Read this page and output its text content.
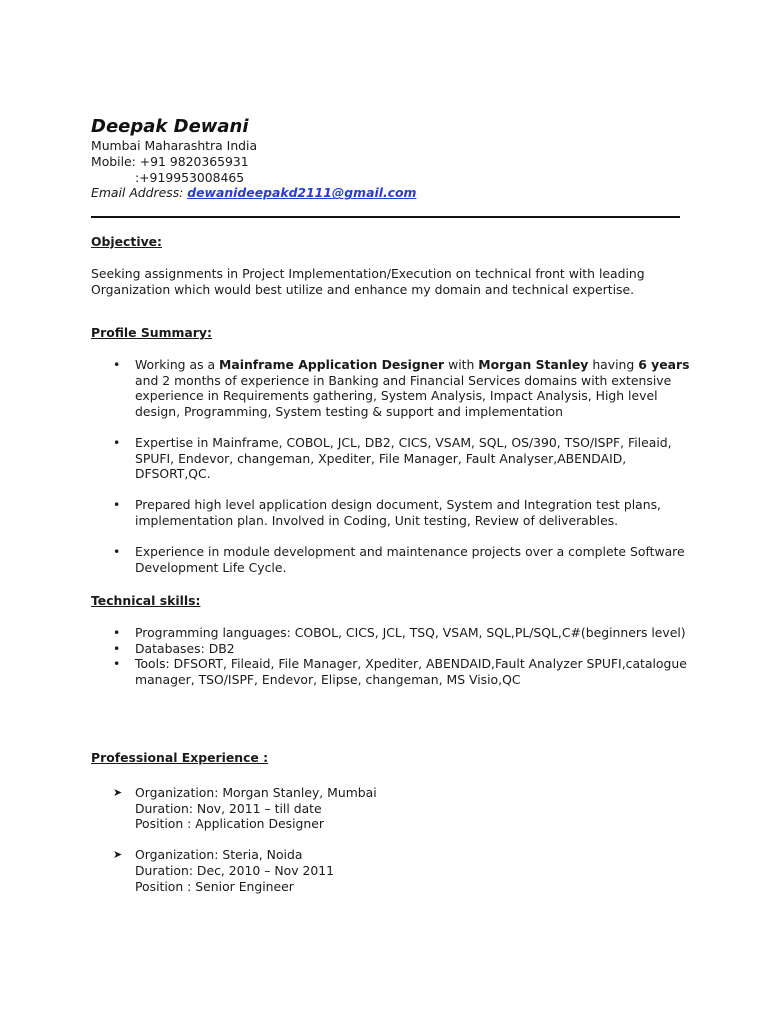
Deepak Dewani
Mumbai Maharashtra India
Mobile: +91 9820365931
:+919953008465
Email Address: dewanideepakd2111@gmail.com
Objective:
Seeking assignments in Project Implementation/Execution on technical front with leading Organization which would best utilize and enhance my domain and technical expertise.
Profile Summary:
• Working as a Mainframe Application Designer with Morgan Stanley having 6 years and 2 months of experience in Banking and Financial Services domains with extensive experience in Requirements gathering, System Analysis, Impact Analysis, High level design, Programming, System testing & support and implementation
• Expertise in Mainframe, COBOL, JCL, DB2, CICS, VSAM, SQL, OS/390, TSO/ISPF, Fileaid, SPUFI, Endevor, changeman, Xpediter, File Manager, Fault Analyser,ABENDAID, DFSORT,QC.
• Prepared high level application design document, System and Integration test plans, implementation plan. Involved in Coding, Unit testing, Review of deliverables.
• Experience in module development and maintenance projects over a complete Software Development Life Cycle.
Technical skills:
• Programming languages: COBOL, CICS, JCL, TSQ, VSAM, SQL,PL/SQL,C#(beginners level)
• Databases: DB2
• Tools: DFSORT, Fileaid, File Manager, Xpediter, ABENDAID,Fault Analyzer SPUFI,catalogue manager, TSO/ISPF, Endevor, Elipse, changeman, MS Visio,QC
Professional Experience :
➤ Organization: Morgan Stanley, Mumbai
Duration: Nov, 2011 – till date
Position : Application Designer
➤ Organization: Steria, Noida
Duration: Dec, 2010 – Nov 2011
Position : Senior Engineer
